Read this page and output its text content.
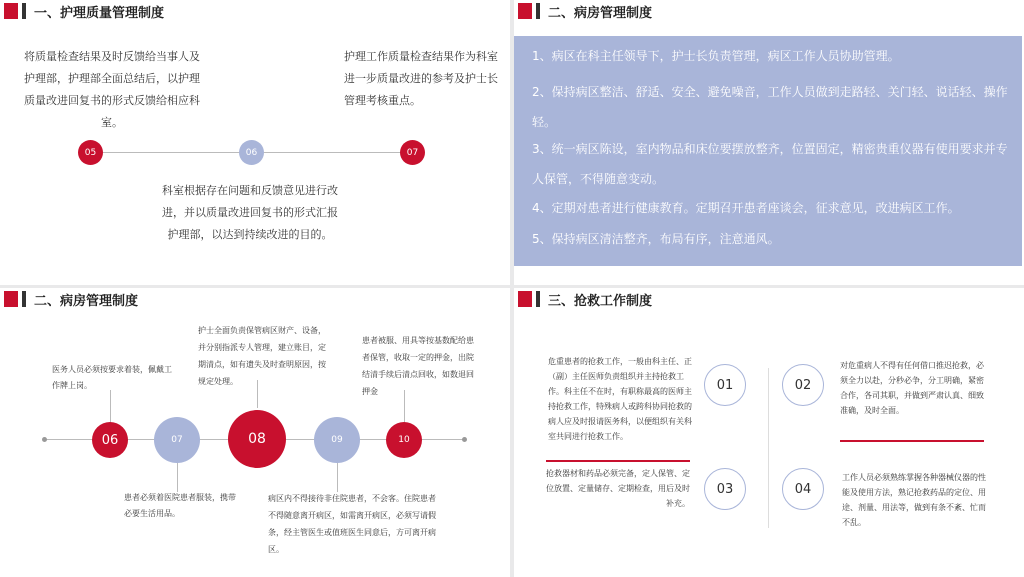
一、护理质量管理制度
将质量检查结果及时反馈给当事人及护理部，护理部全面总结后，以护理质量改进回复书的形式反馈给相应科室。
护理工作质量检查结果作为科室进一步质量改进的参考及护士长管理考核重点。
05	06	07
科室根据存在问题和反馈意见进行改进，并以质量改进回复书的形式汇报护理部，以达到持续改进的目的。
二、病房管理制度
1、病区在科主任领导下，护士长负责管理，病区工作人员协助管理。
2、保持病区整洁、舒适、安全、避免噪音，工作人员做到走路轻、关门轻、说话轻、操作轻。
3、统一病区陈设，室内物品和床位要摆放整齐，位置固定，精密贵重仪器有使用要求并专人保管，不得随意变动。
4、定期对患者进行健康教育。定期召开患者座谈会，征求意见，改进病区工作。
5、保持病区清洁整齐，布局有序，注意通风。
二、病房管理制度
06	07	08	09	10
医务人员必须按要求着装，佩戴工作牌上岗。
患者必须着医院患者服装，携带必要生活用品。
护士全面负责保管病区财产、设备，并分别指派专人管理，建立账目，定期清点，如有遗失及时查明原因，按规定处理。
病区内不得接待非住院患者，不会客。住院患者不得随意离开病区，如需离开病区，必须写请假条，经主管医生或值班医生同意后，方可离开病区。
患者被服、用具等按基数配给患者保管，收取一定的押金，出院结清手续后清点回收，如数退回押金
三、抢救工作制度
01	02
03	04
危重患者的抢救工作，一般由科主任、正（副）主任医师负责组织并主持抢救工作。科主任不在时，有职称最高的医师主持抢救工作，特殊病人或跨科协同抢救的病人应及时报请医务科，以便组织有关科室共同进行抢救工作。
对危重病人不得有任何借口推迟抢救，必须全力以赴，分秒必争，分工明确，紧密合作，各司其职，并做到严肃认真、细致准确，及时全面。
抢救器材和药品必须完备，定人保管、定位放置、定量储存、定期检查，用后及时补充。
工作人员必须熟练掌握各种器械仪器的性能及使用方法，熟记抢救药品的定位、用途、剂量、用法等，做到有条不紊、忙而不乱。
